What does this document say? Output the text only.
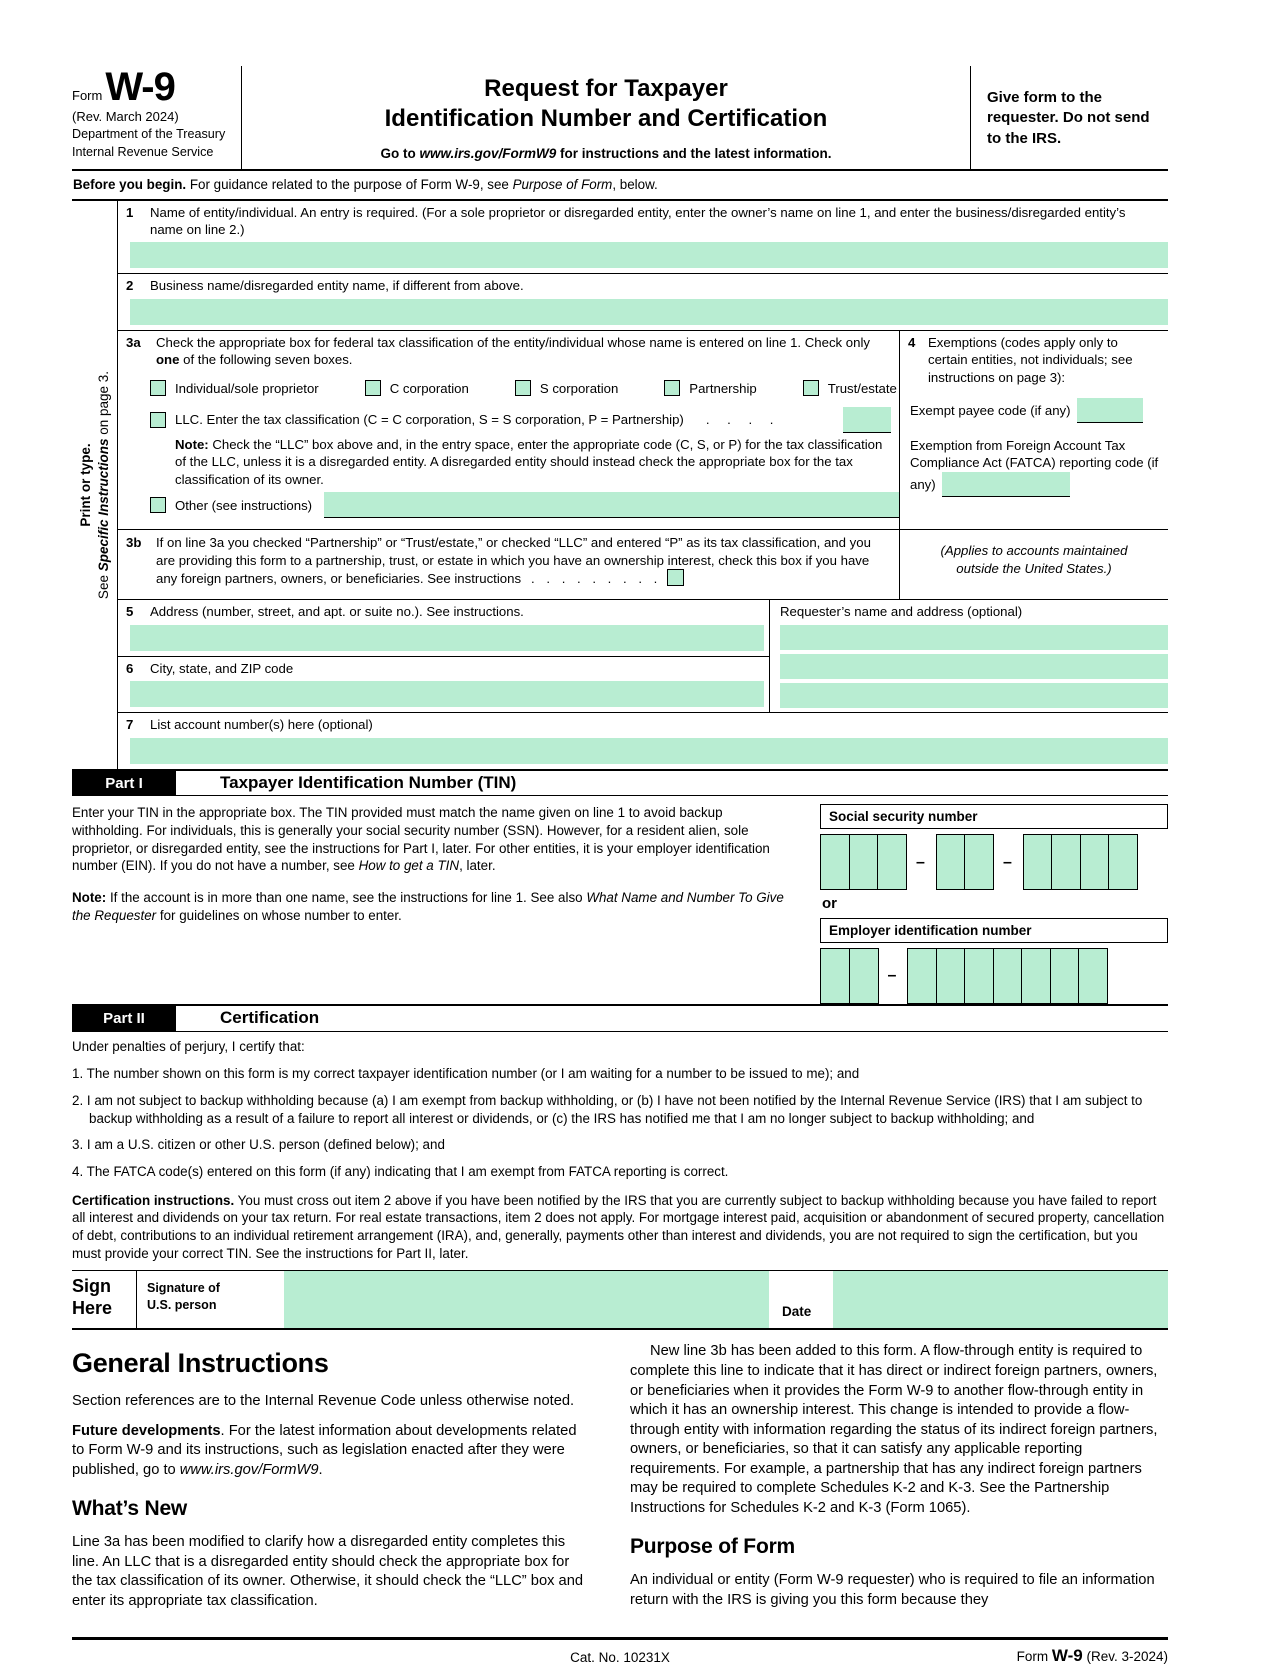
Form W-9
(Rev. March 2024)
Department of the Treasury
Internal Revenue Service
Request for Taxpayer
Identification Number and Certification
Go to www.irs.gov/FormW9 for instructions and the latest information.
Give form to the requester. Do not send to the IRS.
Before you begin. For guidance related to the purpose of Form W-9, see Purpose of Form, below.
Print or type.
See Specific Instructions on page 3.
1	Name of entity/individual. An entry is required. (For a sole proprietor or disregarded entity, enter the owner’s name on line 1, and enter the business/disregarded entity’s name on line 2.)
2	Business name/disregarded entity name, if different from above.
3a	Check the appropriate box for federal tax classification of the entity/individual whose name is entered on line 1. Check only one of the following seven boxes.
Individual/sole proprietor	C corporation	S corporation	Partnership	Trust/estate
LLC. Enter the tax classification (C = C corporation, S = S corporation, P = Partnership) . . . .
Note: Check the “LLC” box above and, in the entry space, enter the appropriate code (C, S, or P) for the tax classification of the LLC, unless it is a disregarded entity. A disregarded entity should instead check the appropriate box for the tax classification of its owner.
Other (see instructions)
3b	If on line 3a you checked “Partnership” or “Trust/estate,” or checked “LLC” and entered “P” as its tax classification, and you are providing this form to a partnership, trust, or estate in which you have an ownership interest, check this box if you have any foreign partners, owners, or beneficiaries. See instructions . . . . . . . . .
4 Exemptions (codes apply only to certain entities, not individuals; see instructions on page 3):
Exempt payee code (if any)
Exemption from Foreign Account Tax Compliance Act (FATCA) reporting code (if any)
(Applies to accounts maintained outside the United States.)
5	Address (number, street, and apt. or suite no.). See instructions.
6	City, state, and ZIP code
Requester’s name and address (optional)
7	List account number(s) here (optional)
Part I	Taxpayer Identification Number (TIN)

Enter your TIN in the appropriate box. The TIN provided must match the name given on line 1 to avoid backup withholding. For individuals, this is generally your social security number (SSN). However, for a resident alien, sole proprietor, or disregarded entity, see the instructions for Part I, later. For other entities, it is your employer identification number (EIN). If you do not have a number, see How to get a TIN, later.

Note: If the account is in more than one name, see the instructions for line 1. See also What Name and Number To Give the Requester for guidelines on whose number to enter.

Social security number
–	–
or
Employer identification number
–
Part II	Certification

Under penalties of perjury, I certify that:

1. The number shown on this form is my correct taxpayer identification number (or I am waiting for a number to be issued to me); and

2. I am not subject to backup withholding because (a) I am exempt from backup withholding, or (b) I have not been notified by the Internal Revenue Service (IRS) that I am subject to backup withholding as a result of a failure to report all interest or dividends, or (c) the IRS has notified me that I am no longer subject to backup withholding; and

3. I am a U.S. citizen or other U.S. person (defined below); and

4. The FATCA code(s) entered on this form (if any) indicating that I am exempt from FATCA reporting is correct.

Certification instructions. You must cross out item 2 above if you have been notified by the IRS that you are currently subject to backup withholding because you have failed to report all interest and dividends on your tax return. For real estate transactions, item 2 does not apply. For mortgage interest paid, acquisition or abandonment of secured property, cancellation of debt, contributions to an individual retirement arrangement (IRA), and, generally, payments other than interest and dividends, you are not required to sign the certification, but you must provide your correct TIN. See the instructions for Part II, later.

Sign
Here
Signature of
U.S. person	Date
General Instructions

Section references are to the Internal Revenue Code unless otherwise noted.

Future developments. For the latest information about developments related to Form W-9 and its instructions, such as legislation enacted after they were published, go to www.irs.gov/FormW9.

What’s New

Line 3a has been modified to clarify how a disregarded entity completes this line. An LLC that is a disregarded entity should check the appropriate box for the tax classification of its owner. Otherwise, it should check the “LLC” box and enter its appropriate tax classification.

New line 3b has been added to this form. A flow-through entity is required to complete this line to indicate that it has direct or indirect foreign partners, owners, or beneficiaries when it provides the Form W-9 to another flow-through entity in which it has an ownership interest. This change is intended to provide a flow-through entity with information regarding the status of its indirect foreign partners, owners, or beneficiaries, so that it can satisfy any applicable reporting requirements. For example, a partnership that has any indirect foreign partners may be required to complete Schedules K-2 and K-3. See the Partnership Instructions for Schedules K-2 and K-3 (Form 1065).

Purpose of Form

An individual or entity (Form W-9 requester) who is required to file an information return with the IRS is giving you this form because they

Cat. No. 10231X	Form W-9 (Rev. 3-2024)
